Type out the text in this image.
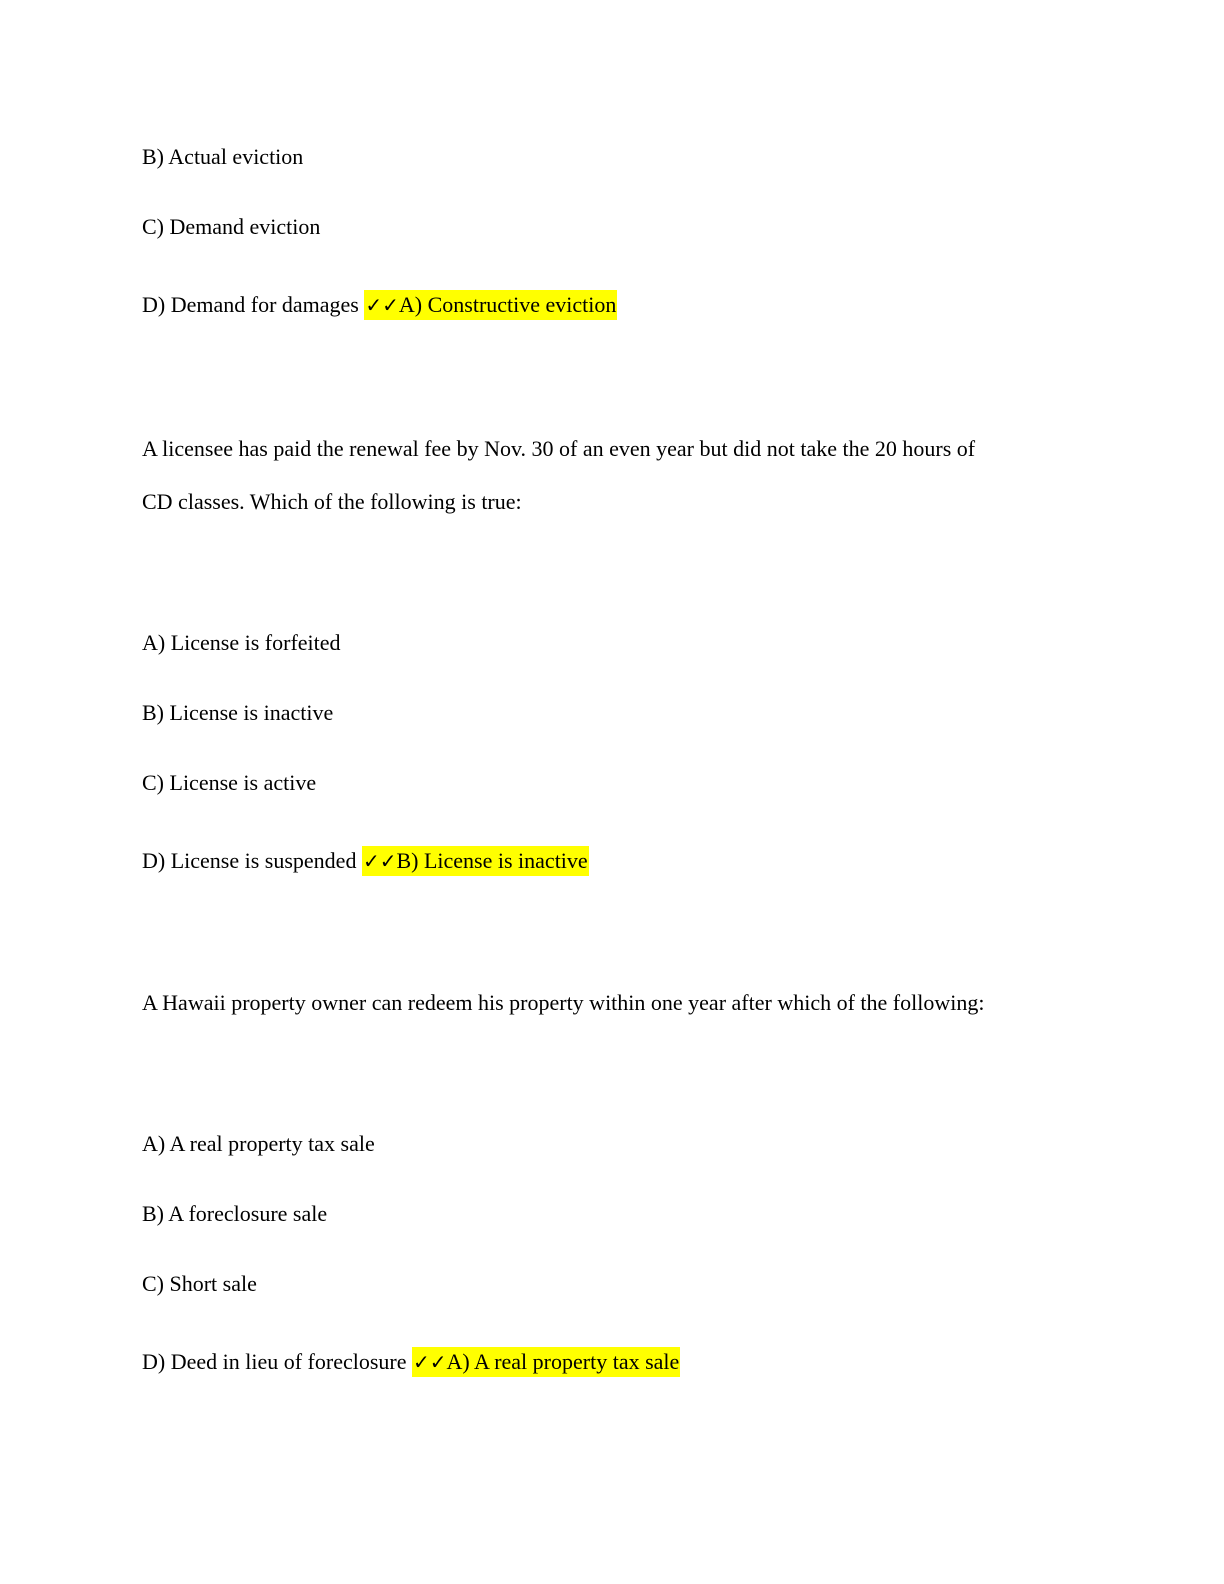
B) Actual eviction
C) Demand eviction
D) Demand for damages ✓✓A) Constructive eviction
A licensee has paid the renewal fee by Nov. 30 of an even year but did not take the 20 hours of
CD classes. Which of the following is true:
A) License is forfeited
B) License is inactive
C) License is active
D) License is suspended ✓✓B) License is inactive
A Hawaii property owner can redeem his property within one year after which of the following:
A) A real property tax sale
B) A foreclosure sale
C) Short sale
D) Deed in lieu of foreclosure ✓✓A) A real property tax sale
